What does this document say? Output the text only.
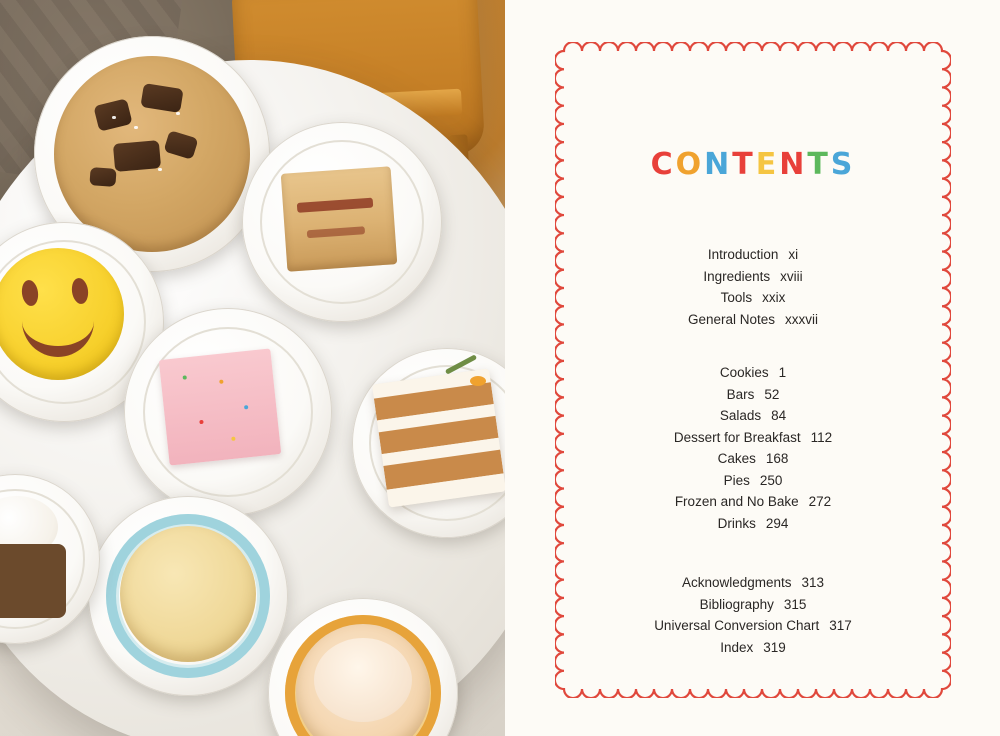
CONTENTS
Introduction xi
Ingredients xviii
Tools xxix
General Notes xxxvii
Cookies 1
Bars 52
Salads 84
Dessert for Breakfast 112
Cakes 168
Pies 250
Frozen and No Bake 272
Drinks 294
Acknowledgments 313
Bibliography 315
Universal Conversion Chart 317
Index 319
